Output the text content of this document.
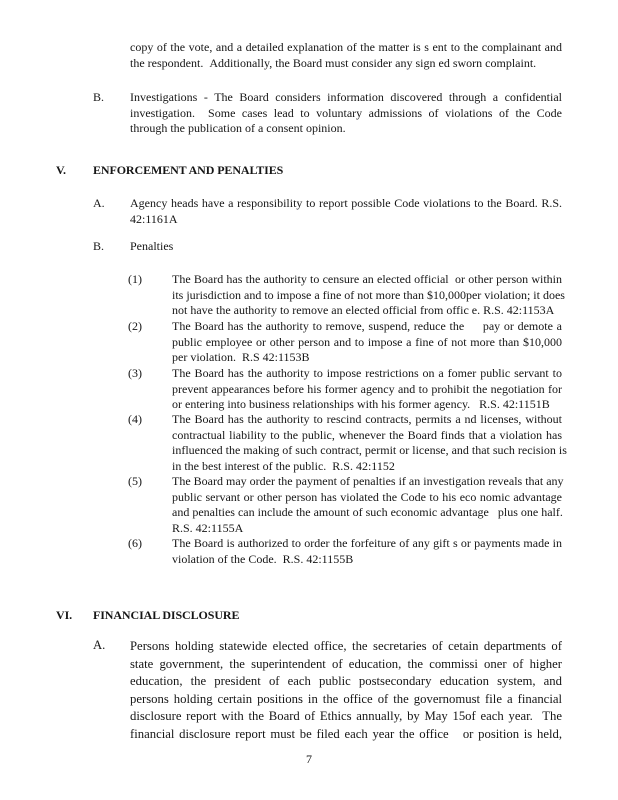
copy of the vote, and a detailed explanation of the matter is s ent to the complainant and
the respondent.  Additionally, the Board must consider any sign ed sworn complaint.
B. Investigations - The Board considers information discovered through a confidential
investigation.  Some cases lead to voluntary admissions of violations of the Code
through the publication of a consent opinion.
V. ENFORCEMENT AND PENALTIES
A. Agency heads have a responsibility to report possible Code violations to the Board. R.S.
42:1161A
B. Penalties
(1)	The Board has the authority to censure an elected official  or other person within
its jurisdiction and to impose a fine of not more than $10,000per violation; it does
not have the authority to remove an elected official from offic e. R.S. 42:1153A
(2)	The Board has the authority to remove, suspend, reduce the     pay or demote a
public employee or other person and to impose a fine of not more than $10,000
per violation.  R.S 42:1153B
(3)	The Board has the authority to impose restrictions on a fomer public servant to
prevent appearances before his former agency and to prohibit the negotiation for
or entering into business relationships with his former agency.   R.S. 42:1151B
(4)	The Board has the authority to rescind contracts, permits a nd licenses, without
contractual liability to the public, whenever the Board finds that a violation has
influenced the making of such contract, permit or license, and that such recision is
in the best interest of the public.  R.S. 42:1152
(5)	The Board may order the payment of penalties if an investigation reveals that any
public servant or other person has violated the Code to his eco nomic advantage
and penalties can include the amount of such economic advantage   plus one half.
R.S. 42:1155A
(6)	The Board is authorized to order the forfeiture of any gift s or payments made in
violation of the Code.  R.S. 42:1155B
VI. FINANCIAL DISCLOSURE
A. Persons holding statewide elected office, the secretaries of cetain departments of
state government, the superintendent of education, the commissi oner of higher
education, the president of each public postsecondary education system, and
persons holding certain positions in the office of the governomust file a financial
disclosure report with the Board of Ethics annually, by May 15of each year.  The
financial disclosure report must be filed each year the office   or position is held,
7
